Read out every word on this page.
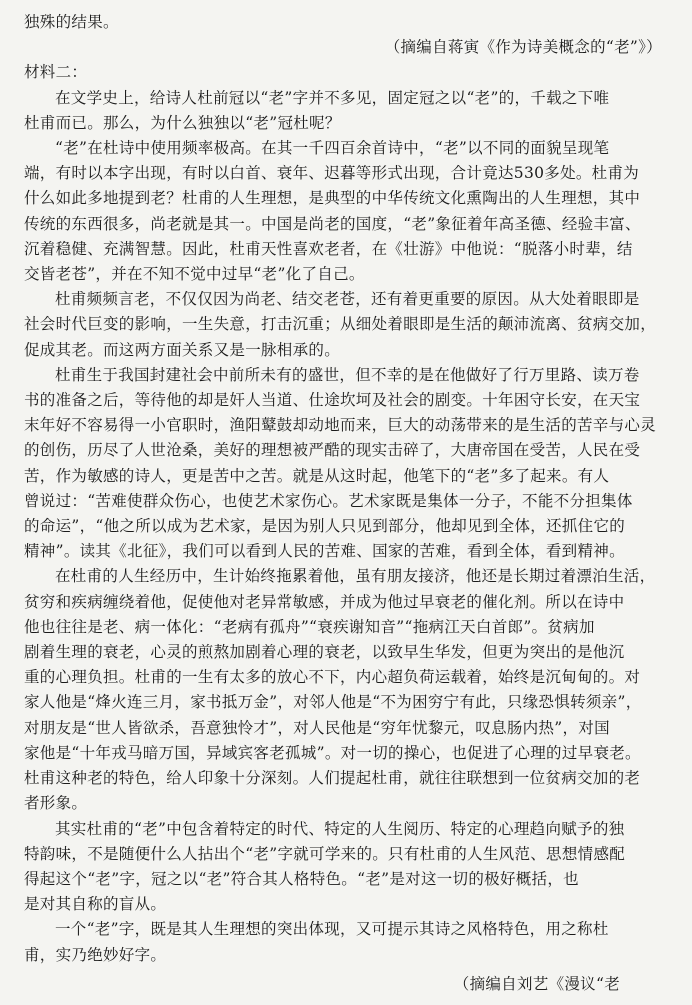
独殊的结果。
（摘编自蒋寅《作为诗美概念的“老”》）
材料二：
在文学史上，给诗人杜前冠以“老”字并不多见，固定冠之以“老”的，千载之下唯
杜甫而已。那么，为什么独独以“老”冠杜呢？
“老”在杜诗中使用频率极高。在其一千四百余首诗中，“老”以不同的面貌呈现笔
端，有时以本字出现，有时以白首、衰年、迟暮等形式出现，合计竟达530多处。杜甫为
什么如此多地提到老？杜甫的人生理想，是典型的中华传统文化熏陶出的人生理想，其中
传统的东西很多，尚老就是其一。中国是尚老的国度，“老”象征着年高圣德、经验丰富、
沉着稳健、充满智慧。因此，杜甫天性喜欢老者，在《壮游》中他说：“脱落小时辈，结
交皆老苍”，并在不知不觉中过早“老”化了自己。
杜甫频频言老，不仅仅因为尚老、结交老苍，还有着更重要的原因。从大处着眼即是
社会时代巨变的影响，一生失意，打击沉重；从细处着眼即是生活的颠沛流离、贫病交加，
促成其老。而这两方面关系又是一脉相承的。
杜甫生于我国封建社会中前所未有的盛世，但不幸的是在他做好了行万里路、读万卷
书的准备之后，等待他的却是奸人当道、仕途坎坷及社会的剧变。十年困守长安，在天宝
末年好不容易得一小官职时，渔阳鼙鼓却动地而来，巨大的动荡带来的是生活的苦辛与心灵
的创伤，历尽了人世沧桑，美好的理想被严酷的现实击碎了，大唐帝国在受苦，人民在受
苦，作为敏感的诗人，更是苦中之苦。就是从这时起，他笔下的“老”多了起来。有人
曾说过：“苦难使群众伤心，也使艺术家伤心。艺术家既是集体一分子，不能不分担集体
的命运”，“他之所以成为艺术家，是因为别人只见到部分，他却见到全体，还抓住它的
精神”。读其《北征》，我们可以看到人民的苦难、国家的苦难，看到全体，看到精神。
在杜甫的人生经历中，生计始终拖累着他，虽有朋友接济，他还是长期过着漂泊生活，
贫穷和疾病缠绕着他，促使他对老异常敏感，并成为他过早衰老的催化剂。所以在诗中
他也往往是老、病一体化：“老病有孤舟”“衰疾谢知音”“拖病江天白首郎”。贫病加
剧着生理的衰老，心灵的煎熬加剧着心理的衰老，以致早生华发，但更为突出的是他沉
重的心理负担。杜甫的一生有太多的放心不下，内心超负荷运载着，始终是沉甸甸的。对
家人他是“烽火连三月，家书抵万金”，对邻人他是“不为困穷宁有此，只缘恐惧转须亲”，
对朋友是“世人皆欲杀，吾意独怜才”，对人民他是“穷年忧黎元，叹息肠内热”，对国
家他是“十年戎马暗万国，异域宾客老孤城”。对一切的操心，也促进了心理的过早衰老。
杜甫这种老的特色，给人印象十分深刻。人们提起杜甫，就往往联想到一位贫病交加的老
者形象。
其实杜甫的“老”中包含着特定的时代、特定的人生阅历、特定的心理趋向赋予的独
特韵味，不是随便什么人拈出个“老”字就可学来的。只有杜甫的人生风范、思想情感配
得起这个“老”字，冠之以“老”符合其人格特色。“老”是对这一切的极好概括，也
是对其自称的盲从。
一个“老”字，既是其人生理想的突出体现，又可提示其诗之风格特色，用之称杜
甫，实乃绝妙好字。
（摘编自刘艺《漫议“老
